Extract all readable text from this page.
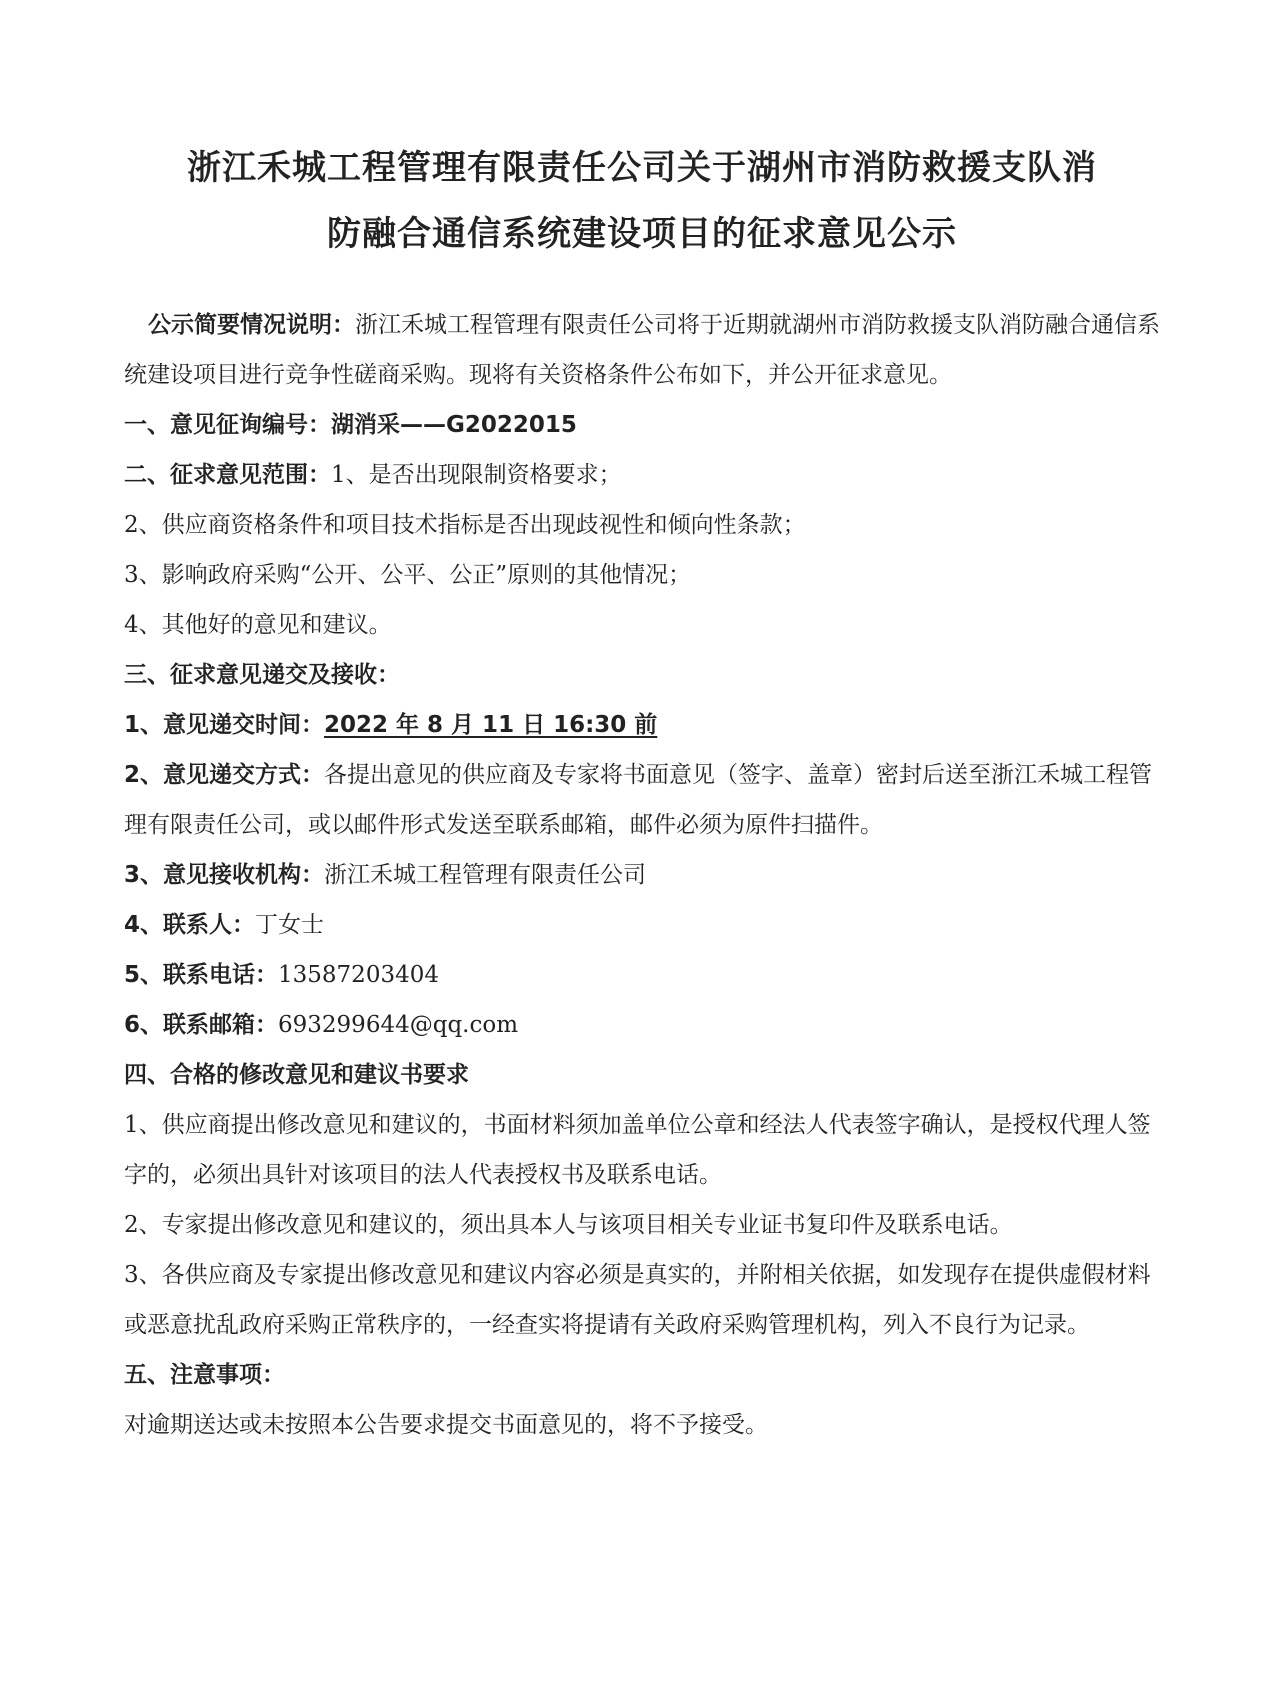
浙江禾城工程管理有限责任公司关于湖州市消防救援支队消
防融合通信系统建设项目的征求意见公示

公示简要情况说明：浙江禾城工程管理有限责任公司将于近期就湖州市消防救援支队消防融合通信系统建设项目进行竞争性磋商采购。现将有关资格条件公布如下，并公开征求意见。

一、意见征询编号：湖消采——G2022015

二、征求意见范围：1、是否出现限制资格要求；

2、供应商资格条件和项目技术指标是否出现歧视性和倾向性条款；

3、影响政府采购“公开、公平、公正”原则的其他情况；

4、其他好的意见和建议。

三、征求意见递交及接收：

1、意见递交时间：2022 年 8 月 11 日 16:30 前

2、意见递交方式：各提出意见的供应商及专家将书面意见（签字、盖章）密封后送至浙江禾城工程管理有限责任公司，或以邮件形式发送至联系邮箱，邮件必须为原件扫描件。

3、意见接收机构：浙江禾城工程管理有限责任公司

4、联系人：丁女士

5、联系电话：13587203404

6、联系邮箱：693299644@qq.com

四、合格的修改意见和建议书要求

1、供应商提出修改意见和建议的，书面材料须加盖单位公章和经法人代表签字确认，是授权代理人签字的，必须出具针对该项目的法人代表授权书及联系电话。

2、专家提出修改意见和建议的，须出具本人与该项目相关专业证书复印件及联系电话。

3、各供应商及专家提出修改意见和建议内容必须是真实的，并附相关依据，如发现存在提供虚假材料或恶意扰乱政府采购正常秩序的，一经查实将提请有关政府采购管理机构，列入不良行为记录。

五、注意事项：

对逾期送达或未按照本公告要求提交书面意见的，将不予接受。
